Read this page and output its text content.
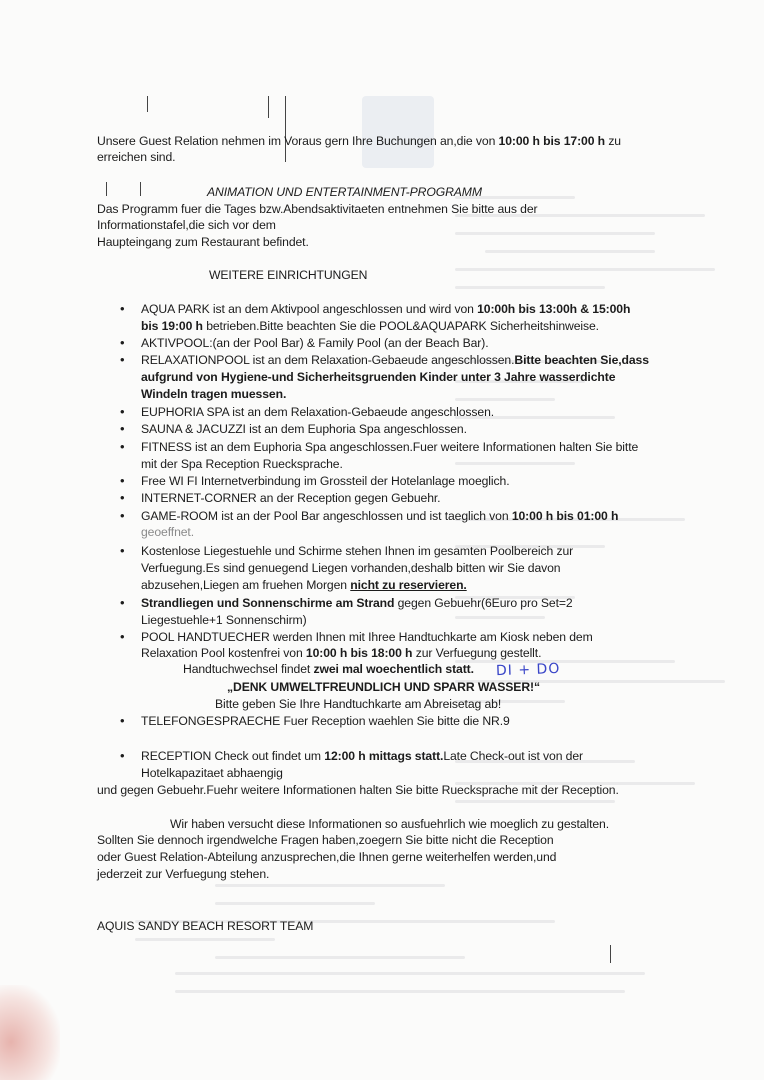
Unsere Guest Relation nehmen im Voraus gern Ihre Buchungen an,die von 10:00 h bis 17:00 h zu
erreichen sind.
ANIMATION UND ENTERTAINMENT-PROGRAMM
Das Programm fuer die Tages bzw.Abendsaktivitaeten entnehmen Sie bitte aus der
Informationstafel,die sich vor dem
Haupteingang zum Restaurant befindet.
WEITERE EINRICHTUNGEN
• AQUA PARK ist an dem Aktivpool angeschlossen und wird von 10:00h bis 13:00h & 15:00h
bis 19:00 h betrieben.Bitte beachten Sie die POOL&AQUAPARK Sicherheitshinweise.
• AKTIVPOOL:(an der Pool Bar) & Family Pool (an der Beach Bar).
• RELAXATIONPOOL ist an dem Relaxation-Gebaeude angeschlossen.Bitte beachten Sie,dass
aufgrund von Hygiene-und Sicherheitsgruenden Kinder unter 3 Jahre wasserdichte
Windeln tragen muessen.
• EUPHORIA SPA ist an dem Relaxation-Gebaeude angeschlossen.
• SAUNA & JACUZZI ist an dem Euphoria Spa angeschlossen.
• FITNESS ist an dem Euphoria Spa angeschlossen.Fuer weitere Informationen halten Sie bitte
mit der Spa Reception Ruecksprache.
• Free WI FI Internetverbindung im Grossteil der Hotelanlage moeglich.
• INTERNET-CORNER an der Reception gegen Gebuehr.
• GAME-ROOM ist an der Pool Bar angeschlossen und ist taeglich von 10:00 h bis 01:00 h
geoeffnet.
• Kostenlose Liegestuehle und Schirme stehen Ihnen im gesamten Poolbereich zur
Verfuegung.Es sind genuegend Liegen vorhanden,deshalb bitten wir Sie davon
abzusehen,Liegen am fruehen Morgen nicht zu reservieren.
• Strandliegen und Sonnenschirme am Strand gegen Gebuehr(6Euro pro Set=2
Liegestuehle+1 Sonnenschirm)
• POOL HANDTUECHER werden Ihnen mit Ihree Handtuchkarte am Kiosk neben dem
Relaxation Pool kostenfrei von 10:00 h bis 18:00 h zur Verfuegung gestellt.
Handtuchwechsel findet zwei mal woechentlich statt. DI + DO
„DENK UMWELTFREUNDLICH UND SPARR WASSER!“
Bitte geben Sie Ihre Handtuchkarte am Abreisetag ab!
• TELEFONGESPRAECHE Fuer Reception waehlen Sie bitte die NR.9
• RECEPTION Check out findet um 12:00 h mittags statt.Late Check-out ist von der
Hotelkapazitaet abhaengig
und gegen Gebuehr.Fuehr weitere Informationen halten Sie bitte Ruecksprache mit der Reception.
Wir haben versucht diese Informationen so ausfuehrlich wie moeglich zu gestalten.
Sollten Sie dennoch irgendwelche Fragen haben,zoegern Sie bitte nicht die Reception
oder Guest Relation-Abteilung anzusprechen,die Ihnen gerne weiterhelfen werden,und
jederzeit zur Verfuegung stehen.
AQUIS SANDY BEACH RESORT TEAM
